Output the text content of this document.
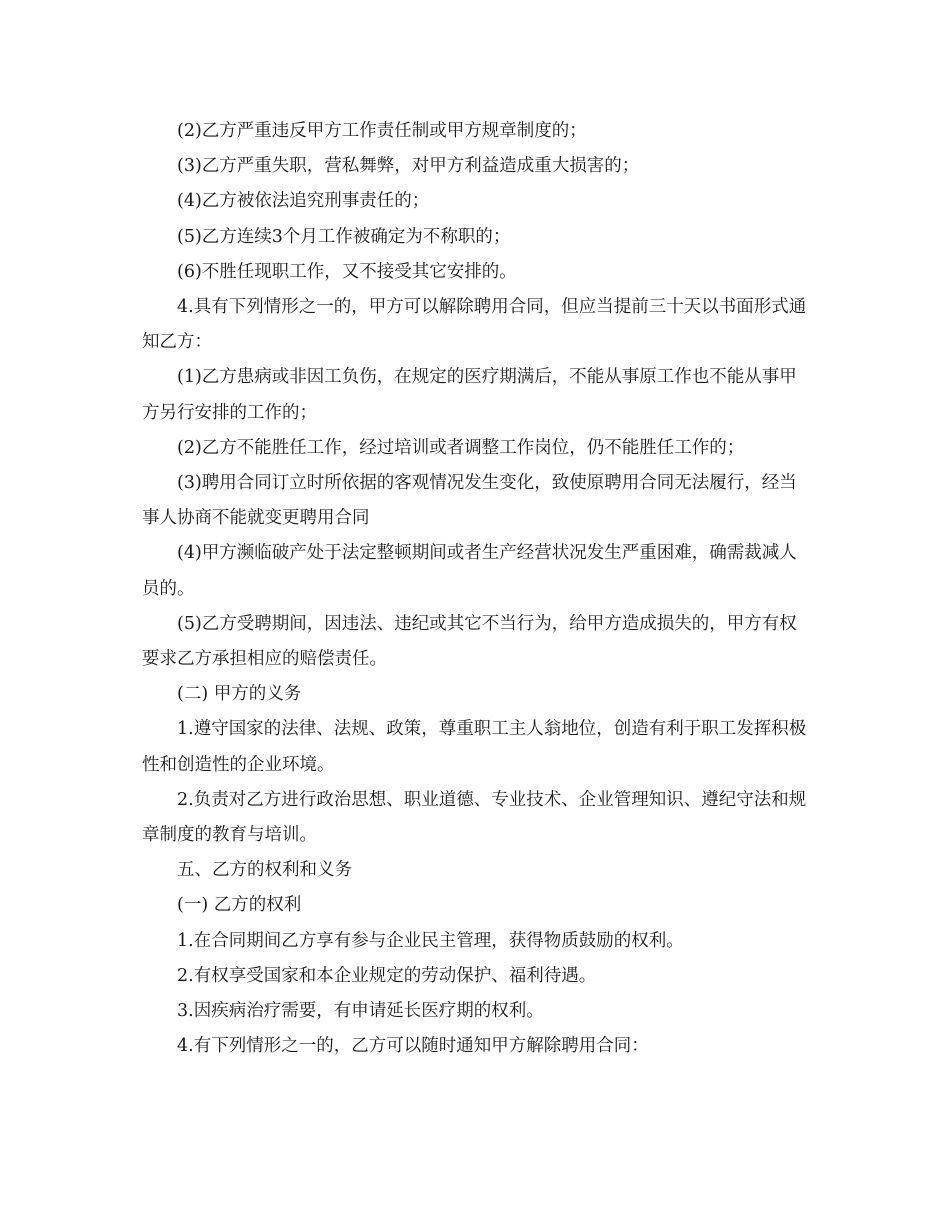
(2)乙方严重违反甲方工作责任制或甲方规章制度的；

(3)乙方严重失职，营私舞弊，对甲方利益造成重大损害的；

(4)乙方被依法追究刑事责任的；

(5)乙方连续3个月工作被确定为不称职的；

(6)不胜任现职工作，又不接受其它安排的。

4.具有下列情形之一的，甲方可以解除聘用合同，但应当提前三十天以书面形式通知乙方：

(1)乙方患病或非因工负伤，在规定的医疗期满后，不能从事原工作也不能从事甲方另行安排的工作的；

(2)乙方不能胜任工作，经过培训或者调整工作岗位，仍不能胜任工作的；

(3)聘用合同订立时所依据的客观情况发生变化，致使原聘用合同无法履行，经当事人协商不能就变更聘用合同

(4)甲方濒临破产处于法定整顿期间或者生产经营状况发生严重困难，确需裁减人员的。

(5)乙方受聘期间，因违法、违纪或其它不当行为，给甲方造成损失的，甲方有权要求乙方承担相应的赔偿责任。

(二) 甲方的义务

1.遵守国家的法律、法规、政策，尊重职工主人翁地位，创造有利于职工发挥积极性和创造性的企业环境。

2.负责对乙方进行政治思想、职业道德、专业技术、企业管理知识、遵纪守法和规章制度的教育与培训。

五、乙方的权利和义务

(一) 乙方的权利

1.在合同期间乙方享有参与企业民主管理，获得物质鼓励的权利。

2.有权享受国家和本企业规定的劳动保护、福利待遇。

3.因疾病治疗需要，有申请延长医疗期的权利。

4.有下列情形之一的，乙方可以随时通知甲方解除聘用合同：
